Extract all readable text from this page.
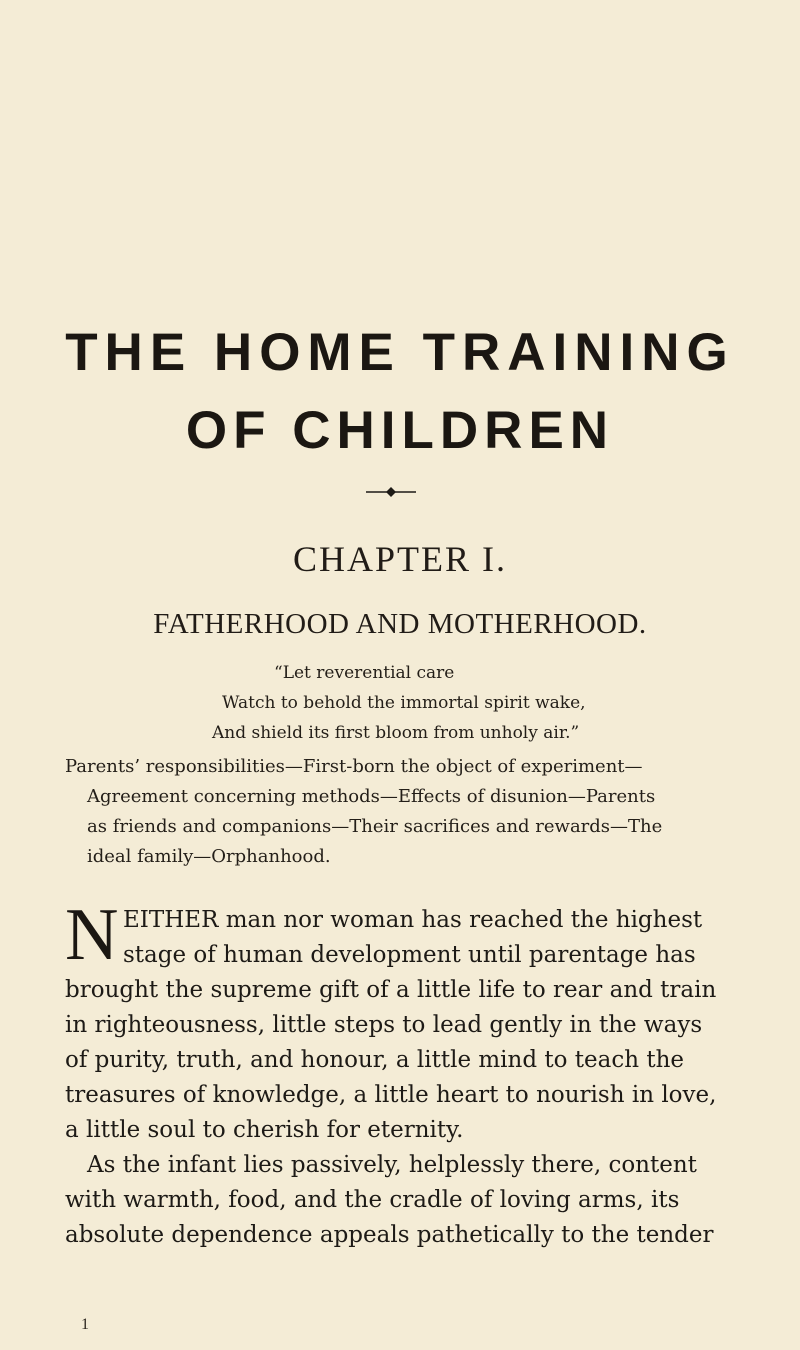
THE HOME TRAINING
OF CHILDREN
CHAPTER I.
FATHERHOOD AND MOTHERHOOD.
“Let reverential care
Watch to behold the immortal spirit wake,
And shield its first bloom from unholy air.”
Parents’ responsibilities—First-born the object of experiment—
Agreement concerning methods—Effects of disunion—Parents
as friends and companions—Their sacrifices and rewards—The
ideal family—Orphanhood.
N EITHER man nor woman has reached the highest
stage of human development until parentage has
brought the supreme gift of a little life to rear and train
in righteousness, little steps to lead gently in the ways
of purity, truth, and honour, a little mind to teach the
treasures of knowledge, a little heart to nourish in love,
a little soul to cherish for eternity.
As the infant lies passively, helplessly there, content
with warmth, food, and the cradle of loving arms, its
absolute dependence appeals pathetically to the tender
1
